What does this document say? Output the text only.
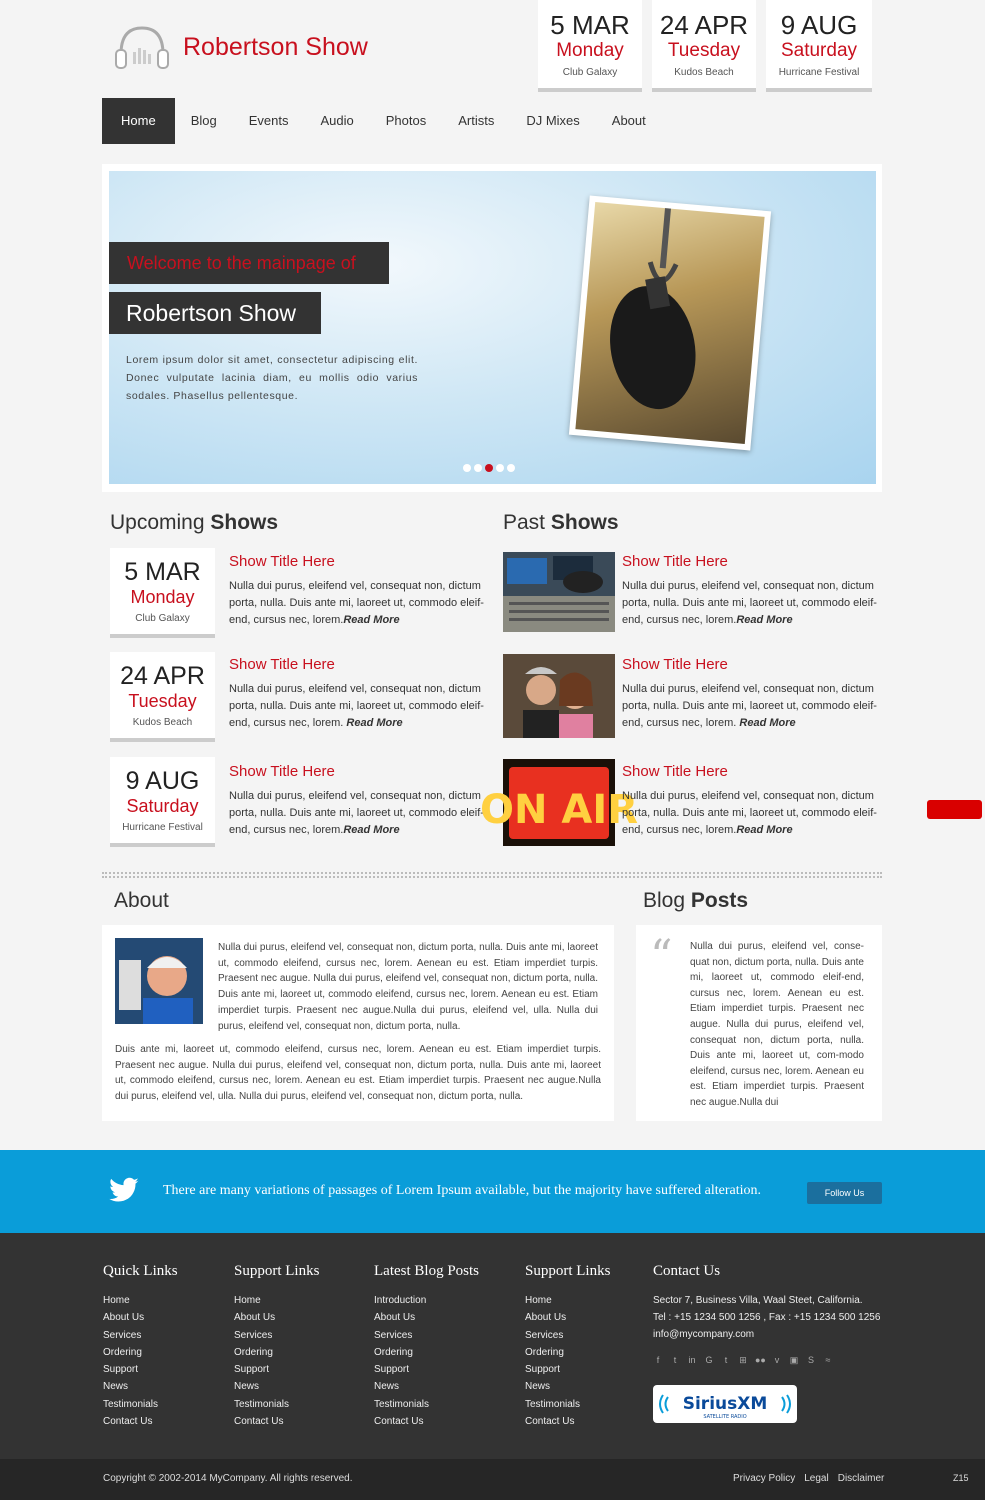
Robertson Show
5 MAR
Monday
Club Galaxy
24 APR
Tuesday
Kudos Beach
9 AUG
Saturday
Hurricane Festival
Home	Blog	Events	Audio	Photos	Artists	DJ Mixes	About
Welcome to the mainpage of
Robertson Show
Lorem ipsum dolor sit amet, consectetur adipiscing elit. Donec vulputate lacinia diam, eu mollis odio varius sodales. Phasellus pellentesque.
Upcoming Shows
5 MAR
Monday
Club Galaxy
Show Title Here
Nulla dui purus, eleifend vel, consequat non, dictum porta, nulla. Duis ante mi, laoreet ut, commodo eleif-end, cursus nec, lorem.Read More
24 APR
Tuesday
Kudos Beach
Show Title Here
Nulla dui purus, eleifend vel, consequat non, dictum porta, nulla. Duis ante mi, laoreet ut, commodo eleif-end, cursus nec, lorem. Read More
9 AUG
Saturday
Hurricane Festival
Show Title Here
Nulla dui purus, eleifend vel, consequat non, dictum porta, nulla. Duis ante mi, laoreet ut, commodo eleif-end, cursus nec, lorem.Read More
Past Shows
Show Title Here
Nulla dui purus, eleifend vel, consequat non, dictum porta, nulla. Duis ante mi, laoreet ut, commodo eleif-end, cursus nec, lorem.Read More
Show Title Here
Nulla dui purus, eleifend vel, consequat non, dictum porta, nulla. Duis ante mi, laoreet ut, commodo eleif-end, cursus nec, lorem. Read More
ON AIR
Show Title Here
Nulla dui purus, eleifend vel, consequat non, dictum porta, nulla. Duis ante mi, laoreet ut, commodo eleif-end, cursus nec, lorem.Read More
About
Nulla dui purus, eleifend vel, consequat non, dictum porta, nulla. Duis ante mi, laoreet ut, commodo eleifend, cursus nec, lorem. Aenean eu est. Etiam imperdiet turpis. Praesent nec augue. Nulla dui purus, eleifend vel, consequat non, dictum porta, nulla. Duis ante mi, laoreet ut, commodo eleifend, cursus nec, lorem. Aenean eu est. Etiam imperdiet turpis. Praesent nec augue.Nulla dui purus, eleifend vel, ulla. Nulla dui purus, eleifend vel, consequat non, dictum porta, nulla.
Duis ante mi, laoreet ut, commodo eleifend, cursus nec, lorem. Aenean eu est. Etiam imperdiet turpis. Praesent nec augue. Nulla dui purus, eleifend vel, consequat non, dictum porta, nulla. Duis ante mi, laoreet ut, commodo eleifend, cursus nec, lorem. Aenean eu est. Etiam imperdiet turpis. Praesent nec augue.Nulla dui purus, eleifend vel, ulla. Nulla dui purus, eleifend vel, consequat non, dictum porta, nulla.
Blog Posts
“ Nulla dui purus, eleifend vel, conse-quat non, dictum porta, nulla. Duis ante mi, laoreet ut, commodo eleif-end, cursus nec, lorem. Aenean eu est. Etiam imperdiet turpis. Praesent nec augue. Nulla dui purus, eleifend vel, consequat non, dictum porta, nulla. Duis ante mi, laoreet ut, com-modo eleifend, cursus nec, lorem. Aenean eu est. Etiam imperdiet turpis. Praesent nec augue.Nulla dui
There are many variations of passages of Lorem Ipsum available, but the majority have suffered alteration.	Follow Us
Quick Links
Home
About Us
Services
Ordering
Support
News
Testimonials
Contact Us
Support Links
Home
About Us
Services
Ordering
Support
News
Testimonials
Contact Us
Latest Blog Posts
Introduction
About Us
Services
Ordering
Support
News
Testimonials
Contact Us
Support Links
Home
About Us
Services
Ordering
Support
News
Testimonials
Contact Us
Contact Us
Sector 7, Business Villa, Waal Steet, California.
Tel : +15 1234 500 1256 , Fax : +15 1234 500 1256
info@mycompany.com
f	t	in G	t	⊞ ●● v	▣ S ≈
SiriusXM
SATELLITE RADIO
Copyright © 2002-2014 MyCompany. All rights reserved.	Privacy Policy Legal Disclaimer	Z15
